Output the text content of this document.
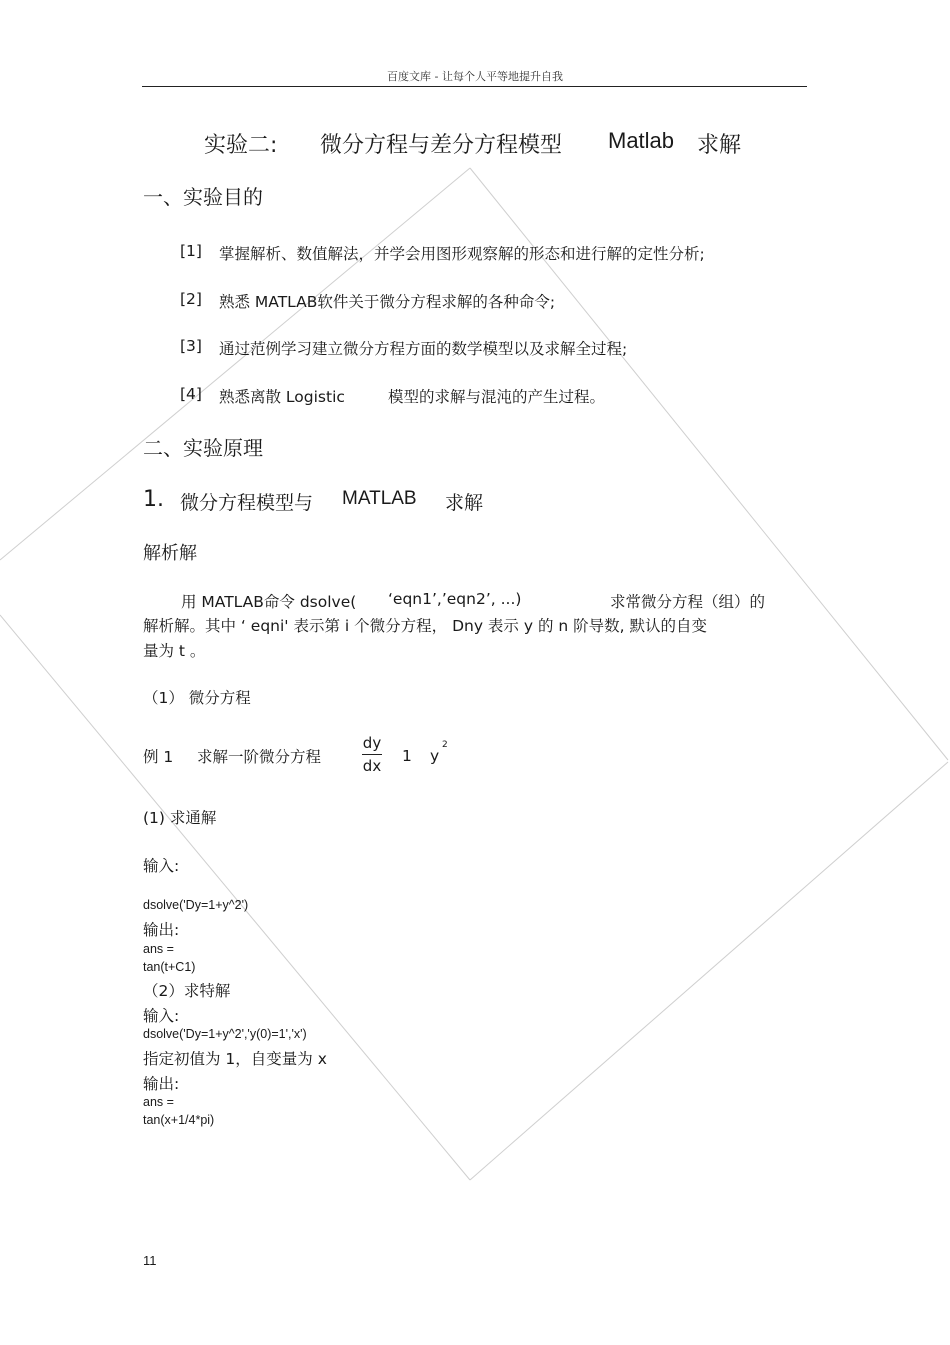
百度文库 - 让每个人平等地提升自我
实验二: 微分方程与差分方程模型 Matlab 求解
一、实验目的
[1] 掌握解析、数值解法，并学会用图形观察解的形态和进行解的定性分析;
[2] 熟悉 MATLAB软件关于微分方程求解的各种命令;
[3] 通过范例学习建立微分方程方面的数学模型以及求解全过程;
[4] 熟悉离散 Logistic	模型的求解与混沌的产生过程。
二、实验原理
1. 微分方程模型与 MATLAB 求解
解析解
用 MATLAB命令 dsolve( ‘eqn1’,’eqn2’, ...)	求常微分方程（组）的
解析解。其中 ‘ eqni' 表示第 i 个微分方程， Dny 表示 y 的 n 阶导数, 默认的自变
量为 t 。
（1） 微分方程
例 1 求解一阶微分方程
dy
dx
1 y
2
(1) 求通解
输入:
dsolve('Dy=1+y^2')
输出:
ans =
tan(t+C1)
（2）求特解
输入:
dsolve('Dy=1+y^2','y(0)=1','x')
指定初值为 1，自变量为 x
输出:
ans =
tan(x+1/4*pi)
11
